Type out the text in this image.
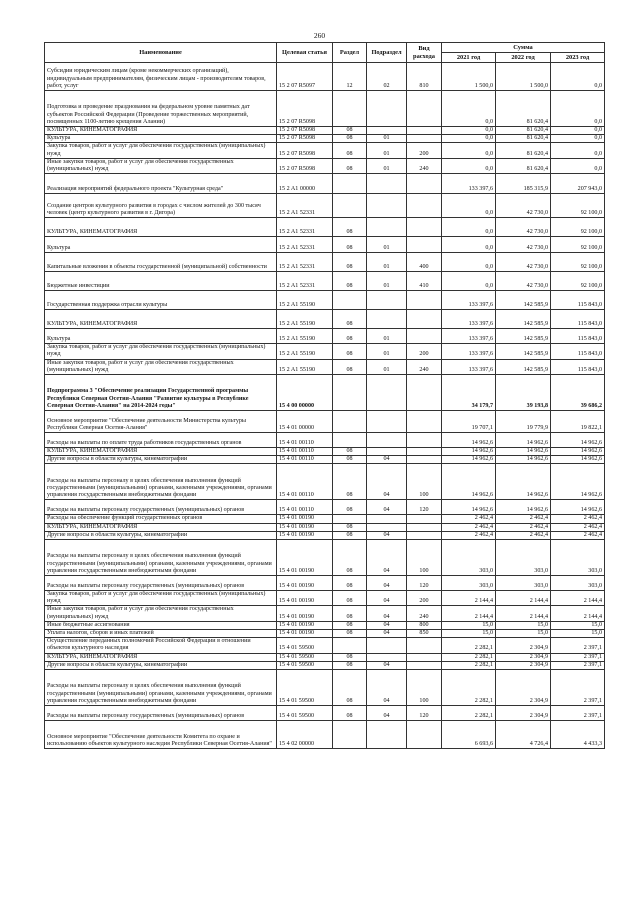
260
Наименование	Целевая статья	Раздел	Подраздел	Вид расхода	Сумма		
					2021 год	2022 год	2023 год
Субсидии юридическим лицам (кроме некоммерческих организаций), индивидуальным предпринимателям, физическим лицам - производителям товаров, работ, услуг	15 2 07 R5097	12	02	810	1 500,0	1 500,0	0,0
Подготовка и проведение празднования на федеральном уровне памятных дат субъектов Российской Федерации (Проведение торжественных мероприятий, посвященных 1100-летию крещения Алании)	15 2 07 R5098				0,0	81 620,4	0,0
КУЛЬТУРА, КИНЕМАТОГРАФИЯ	15 2 07 R5098	08			0,0	81 620,4	0,0
Культура	15 2 07 R5098	08	01		0,0	81 620,4	0,0
Закупка товаров, работ и услуг для обеспечения государственных (муниципальных) нужд	15 2 07 R5098	08	01	200	0,0	81 620,4	0,0
Иные закупки товаров, работ и услуг для обеспечения государственных (муниципальных) нужд	15 2 07 R5098	08	01	240	0,0	81 620,4	0,0
Реализация мероприятий федерального проекта "Культурная среда"	15 2 A1 00000				133 397,6	185 315,9	207 943,0
Создание центров культурного развития в городах с числом жителей до 300 тысяч человек (центр культурного развития в г. Дигора)	15 2 A1 52331				0,0	42 730,0	92 100,0
КУЛЬТУРА, КИНЕМАТОГРАФИЯ	15 2 A1 52331	08			0,0	42 730,0	92 100,0
Культура	15 2 A1 52331	08	01		0,0	42 730,0	92 100,0
Капитальные вложения в объекты государственной (муниципальной) собственности	15 2 A1 52331	08	01	400	0,0	42 730,0	92 100,0
Бюджетные инвестиции	15 2 A1 52331	08	01	410	0,0	42 730,0	92 100,0
Государственная поддержка отрасли культуры	15 2 A1 55190				133 397,6	142 585,9	115 843,0
КУЛЬТУРА, КИНЕМАТОГРАФИЯ	15 2 A1 55190	08			133 397,6	142 585,9	115 843,0
Культура	15 2 A1 55190	08	01		133 397,6	142 585,9	115 843,0
Закупка товаров, работ и услуг для обеспечения государственных (муниципальных) нужд	15 2 A1 55190	08	01	200	133 397,6	142 585,9	115 843,0
Иные закупки товаров, работ и услуг для обеспечения государственных (муниципальных) нужд	15 2 A1 55190	08	01	240	133 397,6	142 585,9	115 843,0
Подпрограмма 3 "Обеспечение реализации Государственной программы Республики Северная Осетия-Алания "Развитие культуры в Республике Северная Осетия-Алания" на 2014-2024 годы"	15 4 00 00000				34 179,7	39 193,8	39 686,2
Основное мероприятие "Обеспечение деятельности Министерства культуры Республики Северная Осетия-Алания"	15 4 01 00000				19 707,1	19 779,9	19 822,1
Расходы на выплаты по оплате труда работников государственных органов	15 4 01 00110				14 962,6	14 962,6	14 962,6
КУЛЬТУРА, КИНЕМАТОГРАФИЯ	15 4 01 00110	08			14 962,6	14 962,6	14 962,6
Другие вопросы в области культуры, кинематографии	15 4 01 00110	08	04		14 962,6	14 962,6	14 962,6
Расходы на выплаты персоналу в целях обеспечения выполнения функций государственными (муниципальными) органами, казенными учреждениями, органами управления государственными внебюджетными фондами	15 4 01 00110	08	04	100	14 962,6	14 962,6	14 962,6
Расходы на выплаты персоналу государственных (муниципальных) органов	15 4 01 00110	08	04	120	14 962,6	14 962,6	14 962,6
Расходы на обеспечение функций государственных органов	15 4 01 00190				2 462,4	2 462,4	2 462,4
КУЛЬТУРА, КИНЕМАТОГРАФИЯ	15 4 01 00190	08			2 462,4	2 462,4	2 462,4
Другие вопросы в области культуры, кинематографии	15 4 01 00190	08	04		2 462,4	2 462,4	2 462,4
Расходы на выплаты персоналу в целях обеспечения выполнения функций государственными (муниципальными) органами, казенными учреждениями, органами управления государственными внебюджетными фондами	15 4 01 00190	08	04	100	303,0	303,0	303,0
Расходы на выплаты персоналу государственных (муниципальных) органов	15 4 01 00190	08	04	120	303,0	303,0	303,0
Закупка товаров, работ и услуг для обеспечения государственных (муниципальных) нужд	15 4 01 00190	08	04	200	2 144,4	2 144,4	2 144,4
Иные закупки товаров, работ и услуг для обеспечения государственных (муниципальных) нужд	15 4 01 00190	08	04	240	2 144,4	2 144,4	2 144,4
Иные бюджетные ассигнования	15 4 01 00190	08	04	800	15,0	15,0	15,0
Уплата налогов, сборов и иных платежей	15 4 01 00190	08	04	850	15,0	15,0	15,0
Осуществление переданных полномочий Российской Федерации в отношении объектов культурного наследия	15 4 01 59500				2 282,1	2 304,9	2 397,1
КУЛЬТУРА, КИНЕМАТОГРАФИЯ	15 4 01 59500	08			2 282,1	2 304,9	2 397,1
Другие вопросы в области культуры, кинематографии	15 4 01 59500	08	04		2 282,1	2 304,9	2 397,1
Расходы на выплаты персоналу в целях обеспечения выполнения функций государственными (муниципальными) органами, казенными учреждениями, органами управления государственными внебюджетными фондами	15 4 01 59500	08	04	100	2 282,1	2 304,9	2 397,1
Расходы на выплаты персоналу государственных (муниципальных) органов	15 4 01 59500	08	04	120	2 282,1	2 304,9	2 397,1
Основное мероприятие "Обеспечение деятельности Комитета по охране и использованию объектов культурного наследия Республики Северная Осетия-Алания"	15 4 02 00000				6 693,6	4 726,4	4 433,3
